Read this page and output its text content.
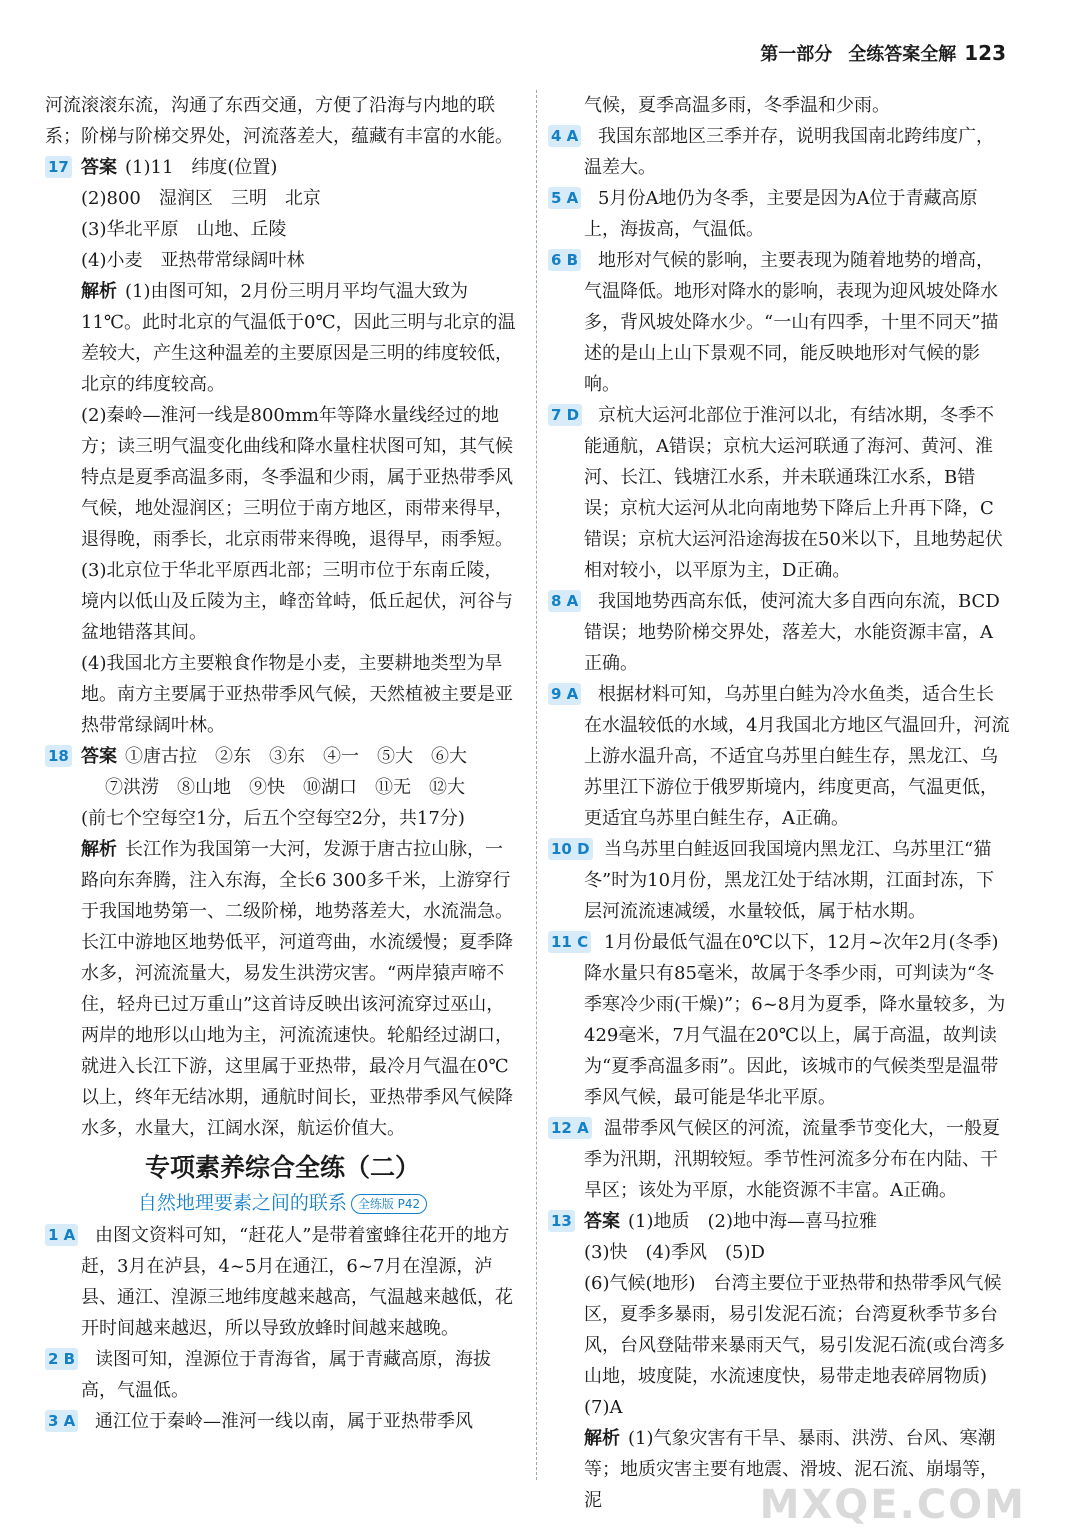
第一部分 全练答案全解 123

河流滚滚东流，沟通了东西交通，方便了沿海与内地的联系；阶梯与阶梯交界处，河流落差大，蕴藏有丰富的水能。

17 答案 (1)11　纬度(位置)

(2)800　湿润区　三明　北京

(3)华北平原　山地、丘陵

(4)小麦　亚热带常绿阔叶林

解析 (1)由图可知，2月份三明月平均气温大致为11℃。此时北京的气温低于0℃，因此三明与北京的温差较大，产生这种温差的主要原因是三明的纬度较低，北京的纬度较高。

(2)秦岭—淮河一线是800mm年等降水量线经过的地方；读三明气温变化曲线和降水量柱状图可知，其气候特点是夏季高温多雨，冬季温和少雨，属于亚热带季风气候，地处湿润区；三明位于南方地区，雨带来得早，退得晚，雨季长，北京雨带来得晚，退得早，雨季短。

(3)北京位于华北平原西北部；三明市位于东南丘陵，境内以低山及丘陵为主，峰峦耸峙，低丘起伏，河谷与盆地错落其间。

(4)我国北方主要粮食作物是小麦，主要耕地类型为旱地。南方主要属于亚热带季风气候，天然植被主要是亚热带常绿阔叶林。

18 答案 ①唐古拉　②东　③东　④一　⑤大　⑥大

⑦洪涝　⑧山地　⑨快　⑩湖口　⑪无　⑫大

(前七个空每空1分，后五个空每空2分，共17分)

解析 长江作为我国第一大河，发源于唐古拉山脉，一路向东奔腾，注入东海，全长6 300多千米，上游穿行于我国地势第一、二级阶梯，地势落差大，水流湍急。长江中游地区地势低平，河道弯曲，水流缓慢；夏季降水多，河流流量大，易发生洪涝灾害。“两岸猿声啼不住，轻舟已过万重山”这首诗反映出该河流穿过巫山，两岸的地形以山地为主，河流流速快。轮船经过湖口，就进入长江下游，这里属于亚热带，最冷月气温在0℃以上，终年无结冰期，通航时间长，亚热带季风气候降水多，水量大，江阔水深，航运价值大。

专项素养综合全练（二）
自然地理要素之间的联系 全练版 P42
1 A	由图文资料可知，“赶花人”是带着蜜蜂往花开的地方赶，3月在泸县，4~5月在通江，6~7月在湟源，泸县、通江、湟源三地纬度越来越高，气温越来越低，花开时间越来越迟，所以导致放蜂时间越来越晚。

2 B	读图可知，湟源位于青海省，属于青藏高原，海拔高，气温低。

3 A	通江位于秦岭—淮河一线以南，属于亚热带季风

气候，夏季高温多雨，冬季温和少雨。

4 A	我国东部地区三季并存，说明我国南北跨纬度广，温差大。

5 A	5月份A地仍为冬季，主要是因为A位于青藏高原上，海拔高，气温低。

6 B	地形对气候的影响，主要表现为随着地势的增高，气温降低。地形对降水的影响，表现为迎风坡处降水多，背风坡处降水少。“一山有四季，十里不同天”描述的是山上山下景观不同，能反映地形对气候的影响。

7 D	京杭大运河北部位于淮河以北，有结冰期，冬季不能通航，A错误；京杭大运河联通了海河、黄河、淮河、长江、钱塘江水系，并未联通珠江水系，B错误；京杭大运河从北向南地势下降后上升再下降，C错误；京杭大运河沿途海拔在50米以下，且地势起伏相对较小，以平原为主，D正确。

8 A	我国地势西高东低，使河流大多自西向东流，BCD错误；地势阶梯交界处，落差大，水能资源丰富，A正确。

9 A	根据材料可知，乌苏里白鲑为冷水鱼类，适合生长在水温较低的水域，4月我国北方地区气温回升，河流上游水温升高，不适宜乌苏里白鲑生存，黑龙江、乌苏里江下游位于俄罗斯境内，纬度更高，气温更低，更适宜乌苏里白鲑生存，A正确。

10 D 当乌苏里白鲑返回我国境内黑龙江、乌苏里江“猫冬”时为10月份，黑龙江处于结冰期，江面封冻，下层河流流速减缓，水量较低，属于枯水期。

11 C 1月份最低气温在0℃以下，12月~次年2月(冬季)降水量只有85毫米，故属于冬季少雨，可判读为“冬季寒冷少雨(干燥)”；6~8月为夏季，降水量较多，为429毫米，7月气温在20℃以上，属于高温，故判读为“夏季高温多雨”。因此，该城市的气候类型是温带季风气候，最可能是华北平原。

12 A 温带季风气候区的河流，流量季节变化大，一般夏季为汛期，汛期较短。季节性河流多分布在内陆、干旱区；该处为平原，水能资源不丰富。A正确。

13 答案 (1)地质　(2)地中海—喜马拉雅

(3)快　(4)季风　(5)D

(6)气候(地形)　台湾主要位于亚热带和热带季风气候区，夏季多暴雨，易引发泥石流；台湾夏秋季节多台风，台风登陆带来暴雨天气，易引发泥石流(或台湾多山地，坡度陡，水流速度快，易带走地表碎屑物质)

(7)A

解析 (1)气象灾害有干旱、暴雨、洪涝、台风、寒潮等；地质灾害主要有地震、滑坡、泥石流、崩塌等，泥	MXQE.COM
